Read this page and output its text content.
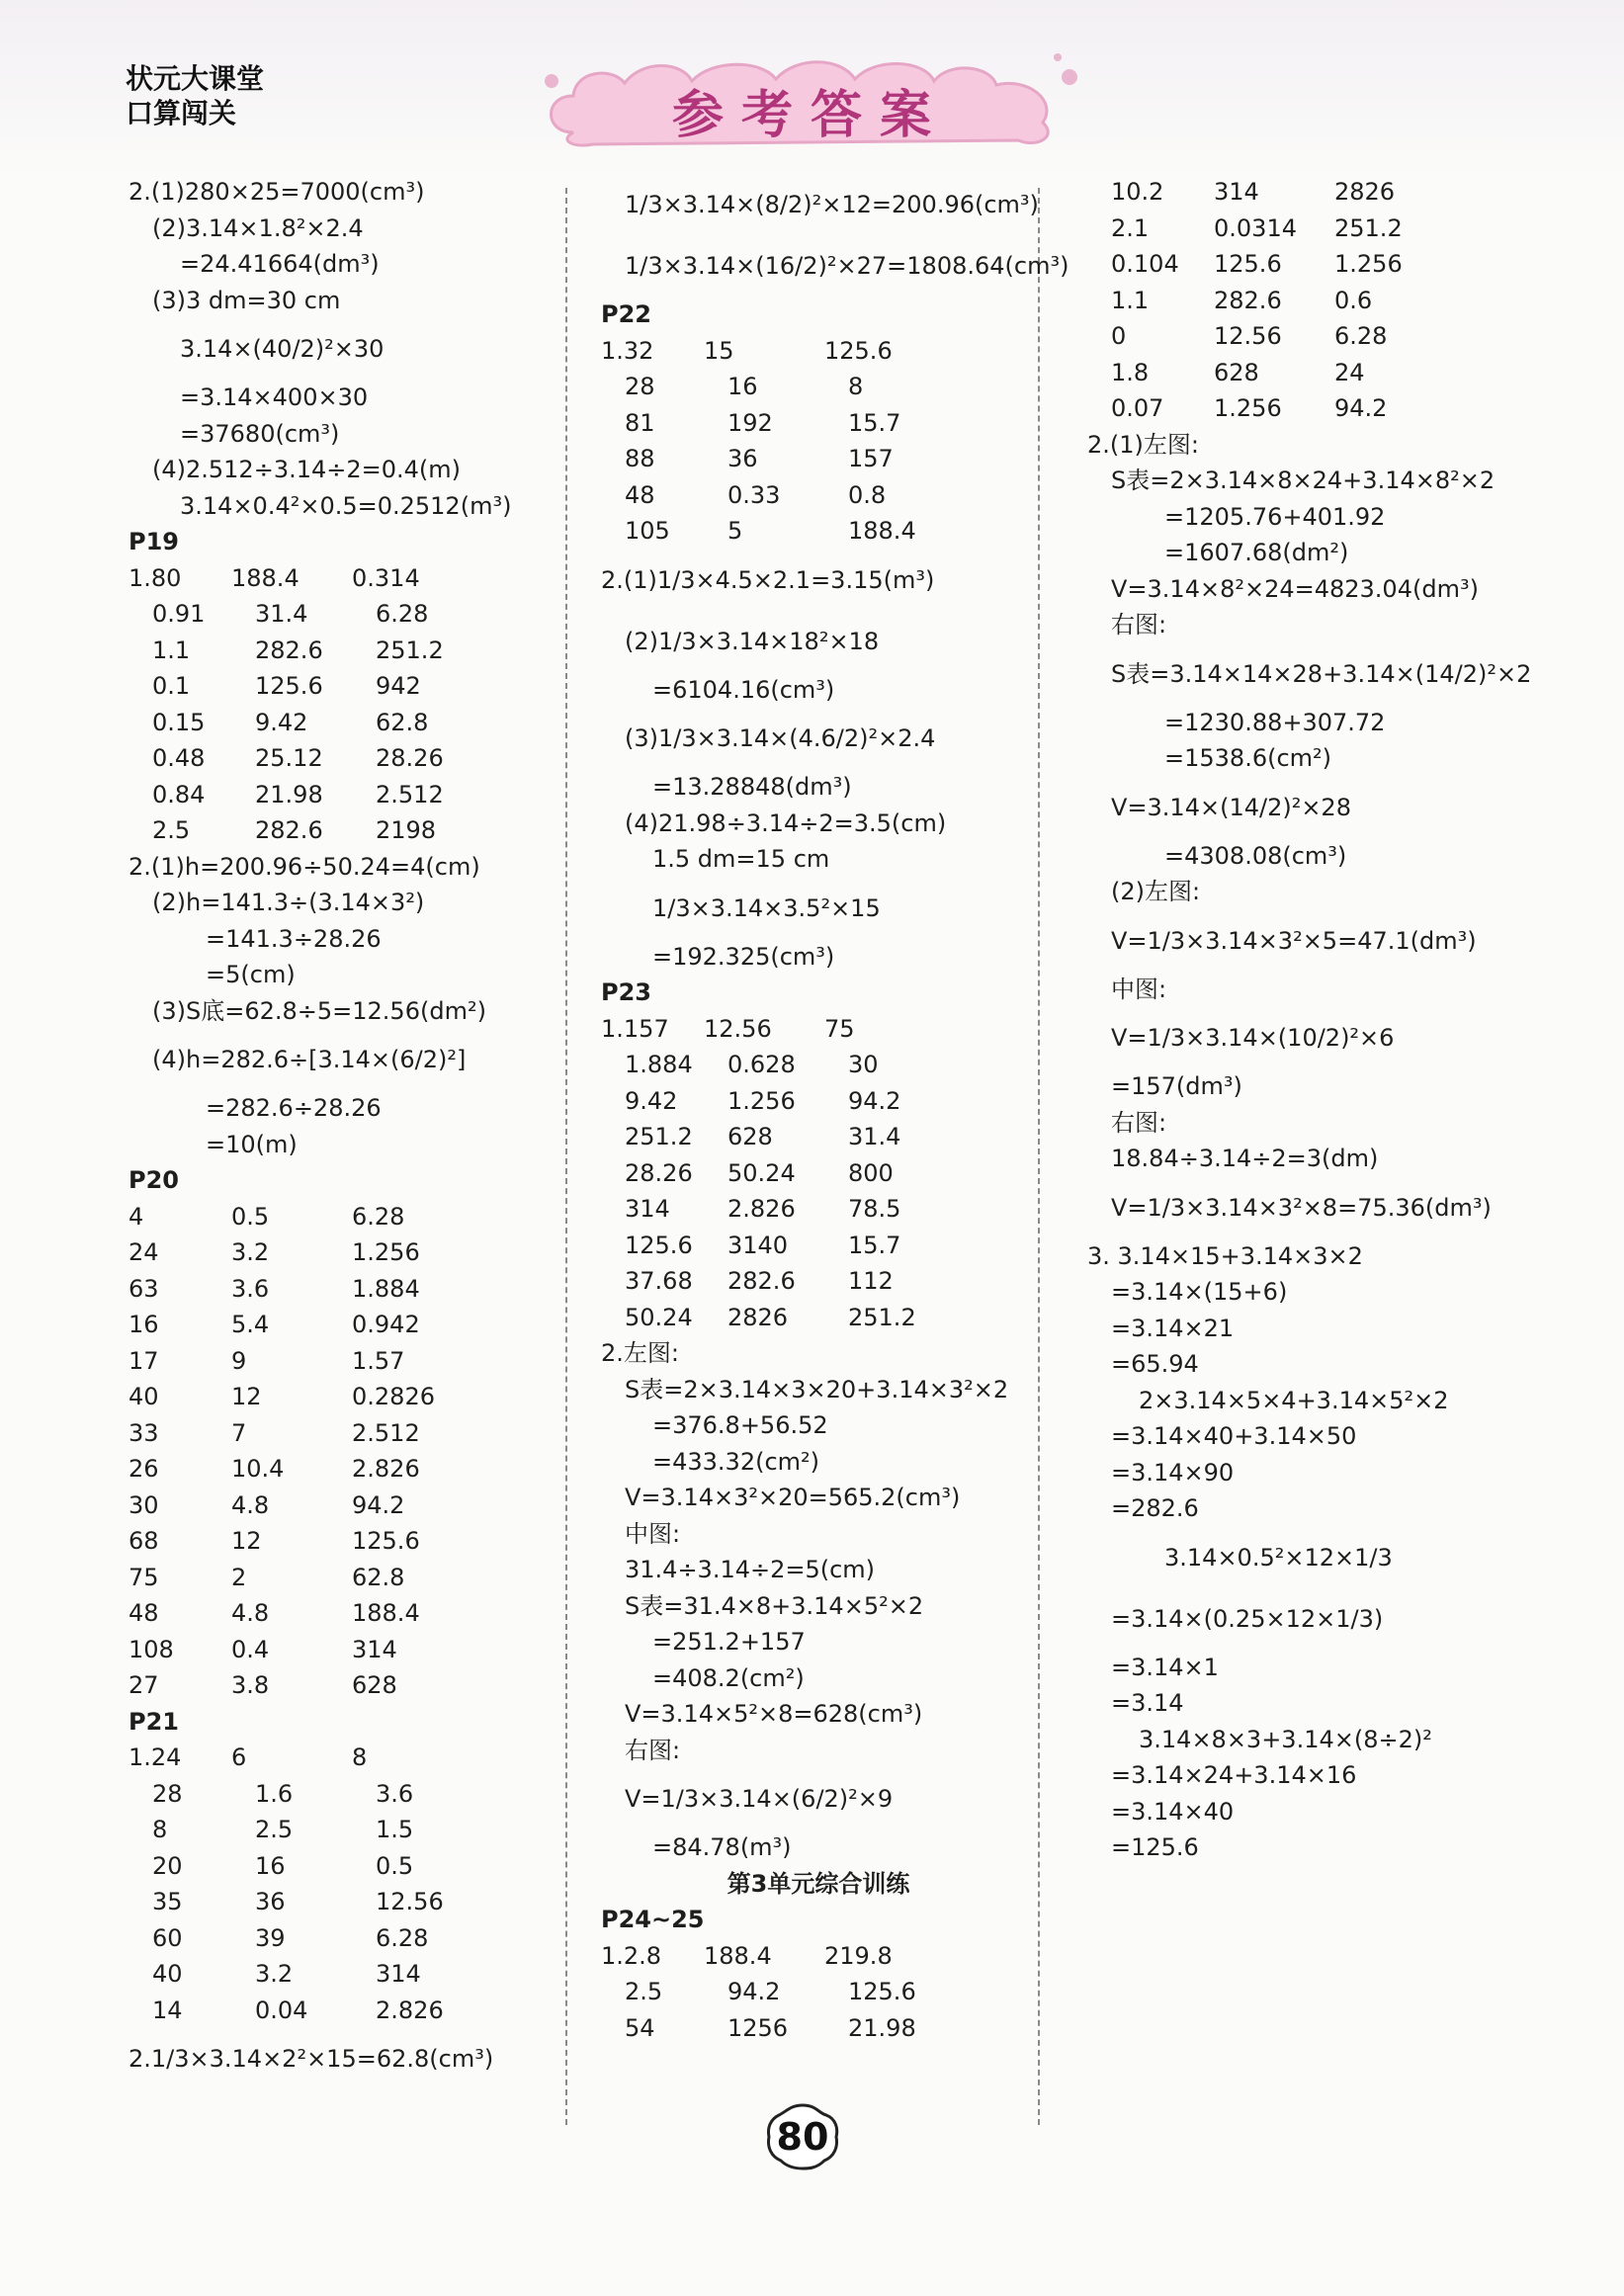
状元大课堂
口算闯关	参考答案
2.(1)280×25=7000(cm³)
(2)3.14×1.8²×2.4
=24.41664(dm³)
(3)3 dm=30 cm
3.14×(40/2)²×30
=3.14×400×30
=37680(cm³)
(4)2.512÷3.14÷2=0.4(m)
3.14×0.4²×0.5=0.2512(m³)
P19
1.80	188.4	0.314
0.91	31.4	6.28
1.1	282.6	251.2
0.1	125.6	942
0.15	9.42	62.8
0.48	25.12	28.26
0.84	21.98	2.512
2.5	282.6	2198
2.(1)h=200.96÷50.24=4(cm)
(2)h=141.3÷(3.14×3²)
=141.3÷28.26
=5(cm)
(3)S底=62.8÷5=12.56(dm²)
(4)h=282.6÷[3.14×(6/2)²]
=282.6÷28.26
=10(m)
P20
4	0.5	6.28
24	3.2	1.256
63	3.6	1.884
16	5.4	0.942
17	9	1.57
40	12	0.2826
33	7	2.512
26	10.4	2.826
30	4.8	94.2
68	12	125.6
75	2	62.8
48	4.8	188.4
108	0.4	314
27	3.8	628
P21
1.24	6	8
28	1.6	3.6
8	2.5	1.5
20	16	0.5
35	36	12.56
60	39	6.28
40	3.2	314
14	0.04	2.826
2.1/3×3.14×2²×15=62.8(cm³)
1/3×3.14×(8/2)²×12=200.96(cm³)
1/3×3.14×(16/2)²×27=1808.64(cm³)
P22
1.32	15	125.6
28	16	8
81	192	15.7
88	36	157
48	0.33	0.8
105	5	188.4
2.(1)1/3×4.5×2.1=3.15(m³)
(2)1/3×3.14×18²×18
=6104.16(cm³)
(3)1/3×3.14×(4.6/2)²×2.4
=13.28848(dm³)
(4)21.98÷3.14÷2=3.5(cm)
1.5 dm=15 cm
1/3×3.14×3.5²×15
=192.325(cm³)
P23
1.157	12.56	75
1.884	0.628	30
9.42	1.256	94.2
251.2	628	31.4
28.26	50.24	800
314	2.826	78.5
125.6	3140	15.7
37.68	282.6	112
50.24	2826	251.2
2.左图:
S表=2×3.14×3×20+3.14×3²×2
=376.8+56.52
=433.32(cm²)
V=3.14×3²×20=565.2(cm³)
中图:
31.4÷3.14÷2=5(cm)
S表=31.4×8+3.14×5²×2
=251.2+157
=408.2(cm²)
V=3.14×5²×8=628(cm³)
右图:
V=1/3×3.14×(6/2)²×9
=84.78(m³)
第3单元综合训练
P24~25
1.2.8	188.4	219.8
2.5	94.2	125.6
54	1256	21.98
10.2	314	2826
2.1	0.0314	251.2
0.104	125.6	1.256
1.1	282.6	0.6
0	12.56	6.28
1.8	628	24
0.07	1.256	94.2
2.(1)左图:
S表=2×3.14×8×24+3.14×8²×2
=1205.76+401.92
=1607.68(dm²)
V=3.14×8²×24=4823.04(dm³)
右图:
S表=3.14×14×28+3.14×(14/2)²×2
=1230.88+307.72
=1538.6(cm²)
V=3.14×(14/2)²×28
=4308.08(cm³)
(2)左图:
V=1/3×3.14×3²×5=47.1(dm³)
中图:
V=1/3×3.14×(10/2)²×6
=157(dm³)
右图:
18.84÷3.14÷2=3(dm)
V=1/3×3.14×3²×8=75.36(dm³)
3. 3.14×15+3.14×3×2
=3.14×(15+6)
=3.14×21
=65.94
2×3.14×5×4+3.14×5²×2
=3.14×40+3.14×50
=3.14×90
=282.6
3.14×0.5²×12×1/3
=3.14×(0.25×12×1/3)
=3.14×1
=3.14
3.14×8×3+3.14×(8÷2)²
=3.14×24+3.14×16
=3.14×40
=125.6
80
